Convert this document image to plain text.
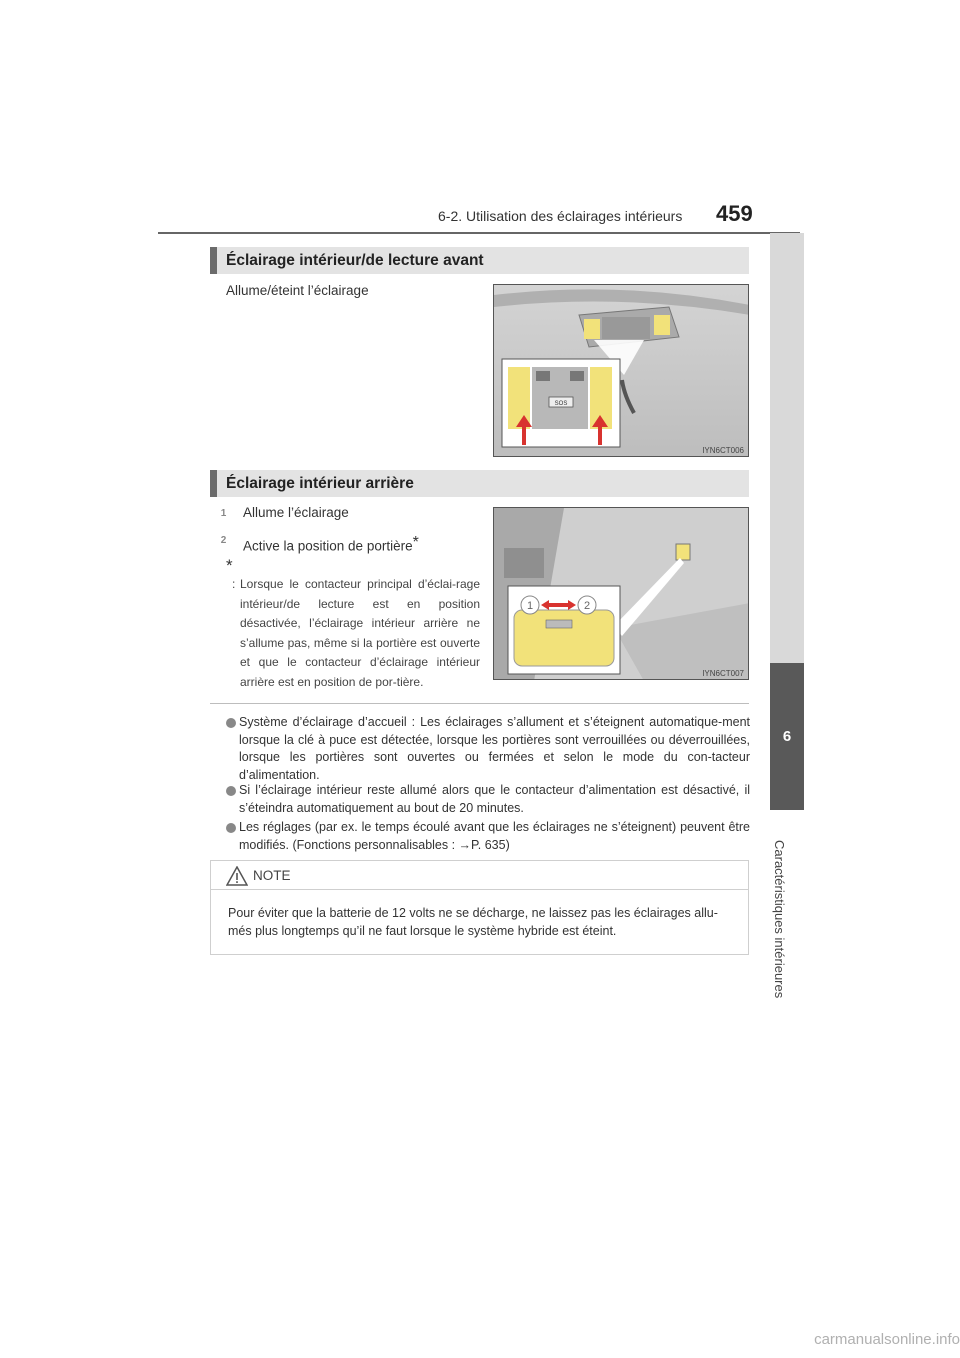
6-2. Utilisation des éclairages intérieurs 459
6
Caractéristiques intérieures
Éclairage intérieur/de lecture avant
Allume/éteint l’éclairage
SOS
IYN6CT006
Éclairage intérieur arrière
1	Allume l’éclairage
2	Active la position de portière*
*
: Lorsque le contacteur principal d’éclai-rage intérieur/de lecture est en position désactivée, l’éclairage intérieur arrière ne s’allume pas, même si la portière est ouverte et que le contacteur d’éclairage intérieur arrière est en position de por-tière.
1	2
IYN6CT007
Système d’éclairage d’accueil : Les éclairages s’allument et s’éteignent automatique-ment lorsque la clé à puce est détectée, lorsque les portières sont verrouillées ou déverrouillées, lorsque les portières sont ouvertes ou fermées et selon le mode du con-tacteur d’alimentation.
Si l’éclairage intérieur reste allumé alors que le contacteur d’alimentation est désactivé, il s’éteindra automatiquement au bout de 20 minutes.
Les réglages (par ex. le temps écoulé avant que les éclairages ne s’éteignent) peuvent être modifiés. (Fonctions personnalisables : →P. 635)
NOTE
Pour éviter que la batterie de 12 volts ne se décharge, ne laissez pas les éclairages allu-més plus longtemps qu’il ne faut lorsque le système hybride est éteint.
carmanualsonline.info
